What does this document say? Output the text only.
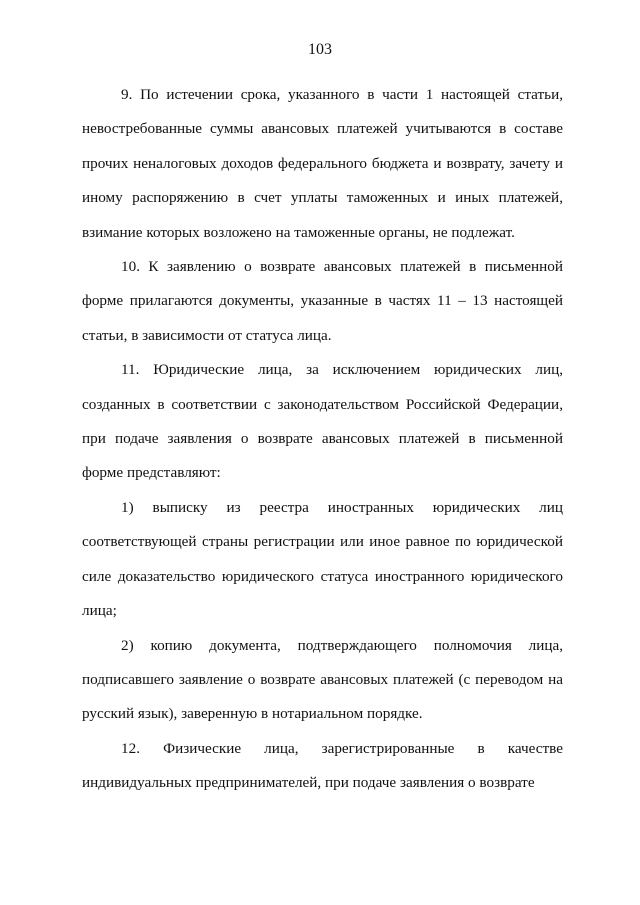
103

9. По истечении срока, указанного в части 1 настоящей статьи, невостребованные суммы авансовых платежей учитываются в составе прочих неналоговых доходов федерального бюджета и возврату, зачету и иному распоряжению в счет уплаты таможенных и иных платежей, взимание которых возложено на таможенные органы, не подлежат.

10. К заявлению о возврате авансовых платежей в письменной форме прилагаются документы, указанные в частях 11 – 13 настоящей статьи, в зависимости от статуса лица.

11. Юридические лица, за исключением юридических лиц, созданных в соответствии с законодательством Российской Федерации, при подаче заявления о возврате авансовых платежей в письменной форме представляют:

1) выписку из реестра иностранных юридических лиц соответствующей страны регистрации или иное равное по юридической силе доказательство юридического статуса иностранного юридического лица;

2) копию документа, подтверждающего полномочия лица, подписавшего заявление о возврате авансовых платежей (с переводом на русский язык), заверенную в нотариальном порядке.

12. Физические лица, зарегистрированные в качестве индивидуальных предпринимателей, при подаче заявления о возврате
